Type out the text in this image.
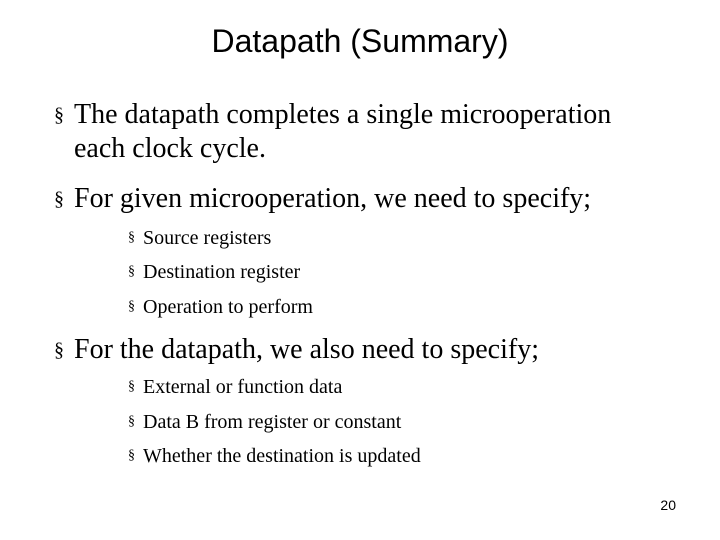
Datapath (Summary)
§ The datapath completes a single microoperation
each clock cycle.
§ For given microoperation, we need to specify;
§ Source registers
§ Destination register
§ Operation to perform
§ For the datapath, we also need to specify;
§ External or function data
§ Data B from register or constant
§ Whether the destination is updated
20
